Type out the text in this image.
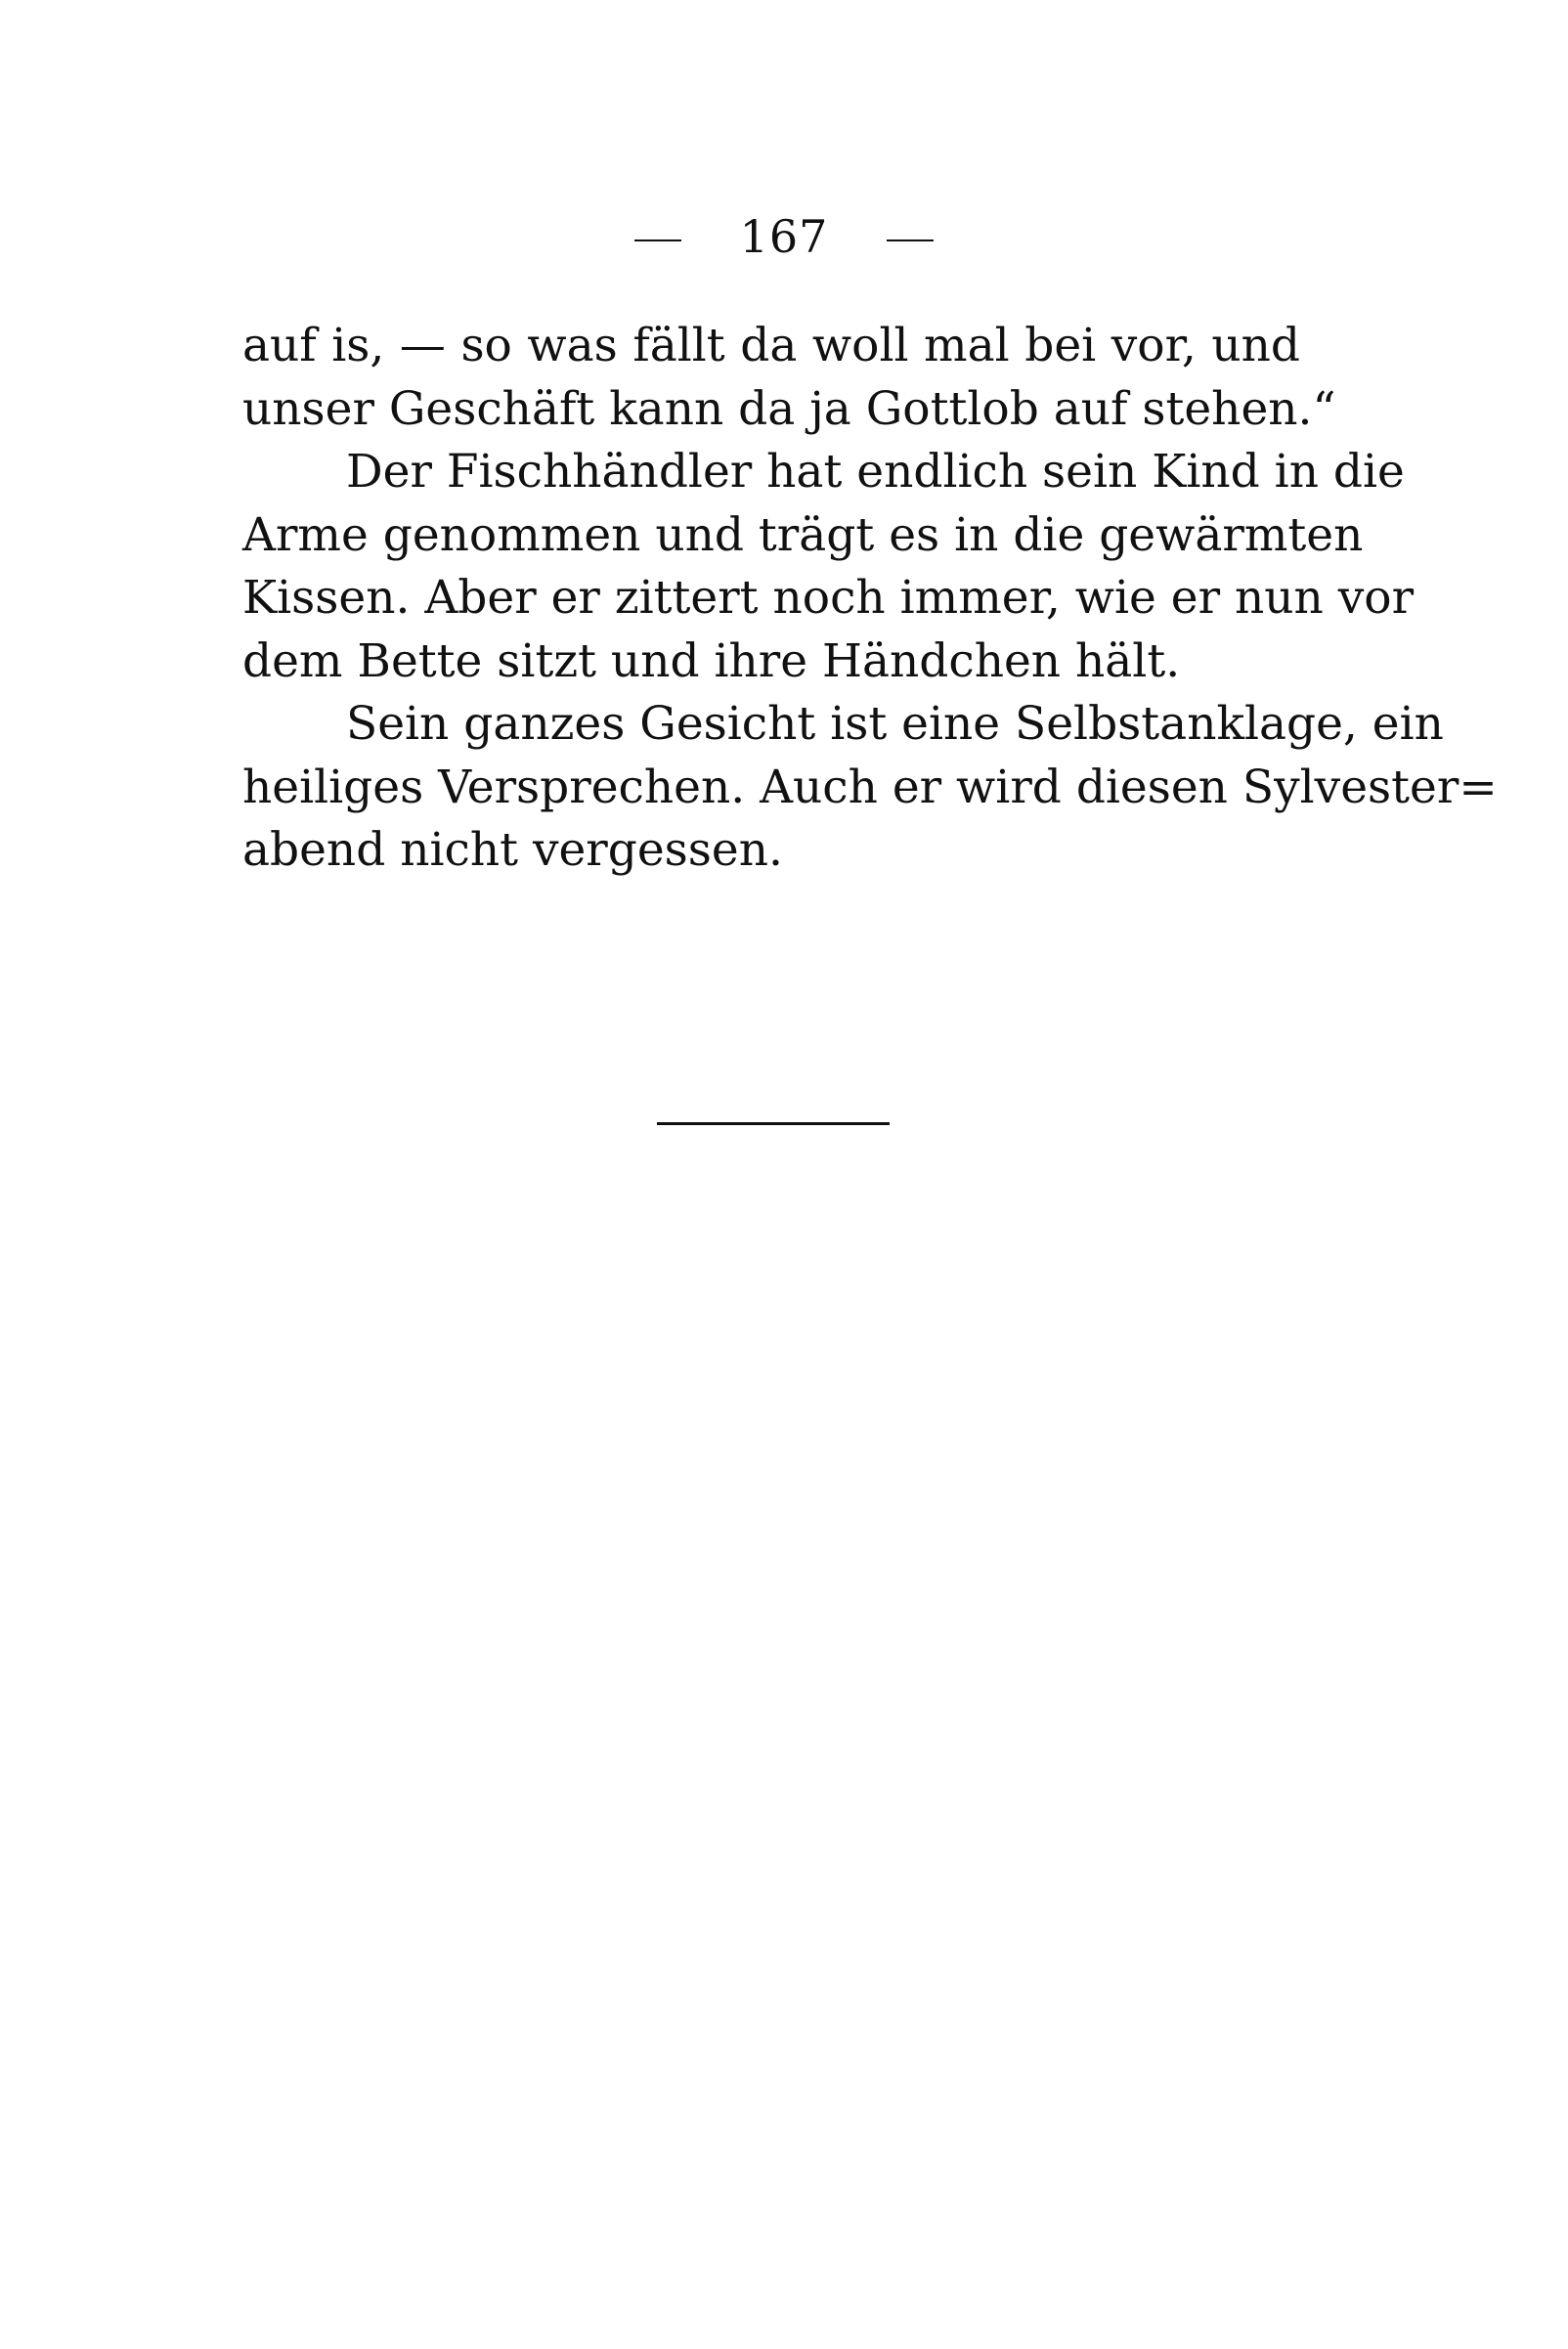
167
auf is, — so was fällt da woll mal bei vor, und
unser Geschäft kann da ja Gottlob auf stehen.“
Der Fischhändler hat endlich sein Kind in die
Arme genommen und trägt es in die gewärmten
Kissen. Aber er zittert noch immer, wie er nun vor
dem Bette sitzt und ihre Händchen hält.
Sein ganzes Gesicht ist eine Selbstanklage, ein
heiliges Versprechen. Auch er wird diesen Sylvester=
abend nicht vergessen.
